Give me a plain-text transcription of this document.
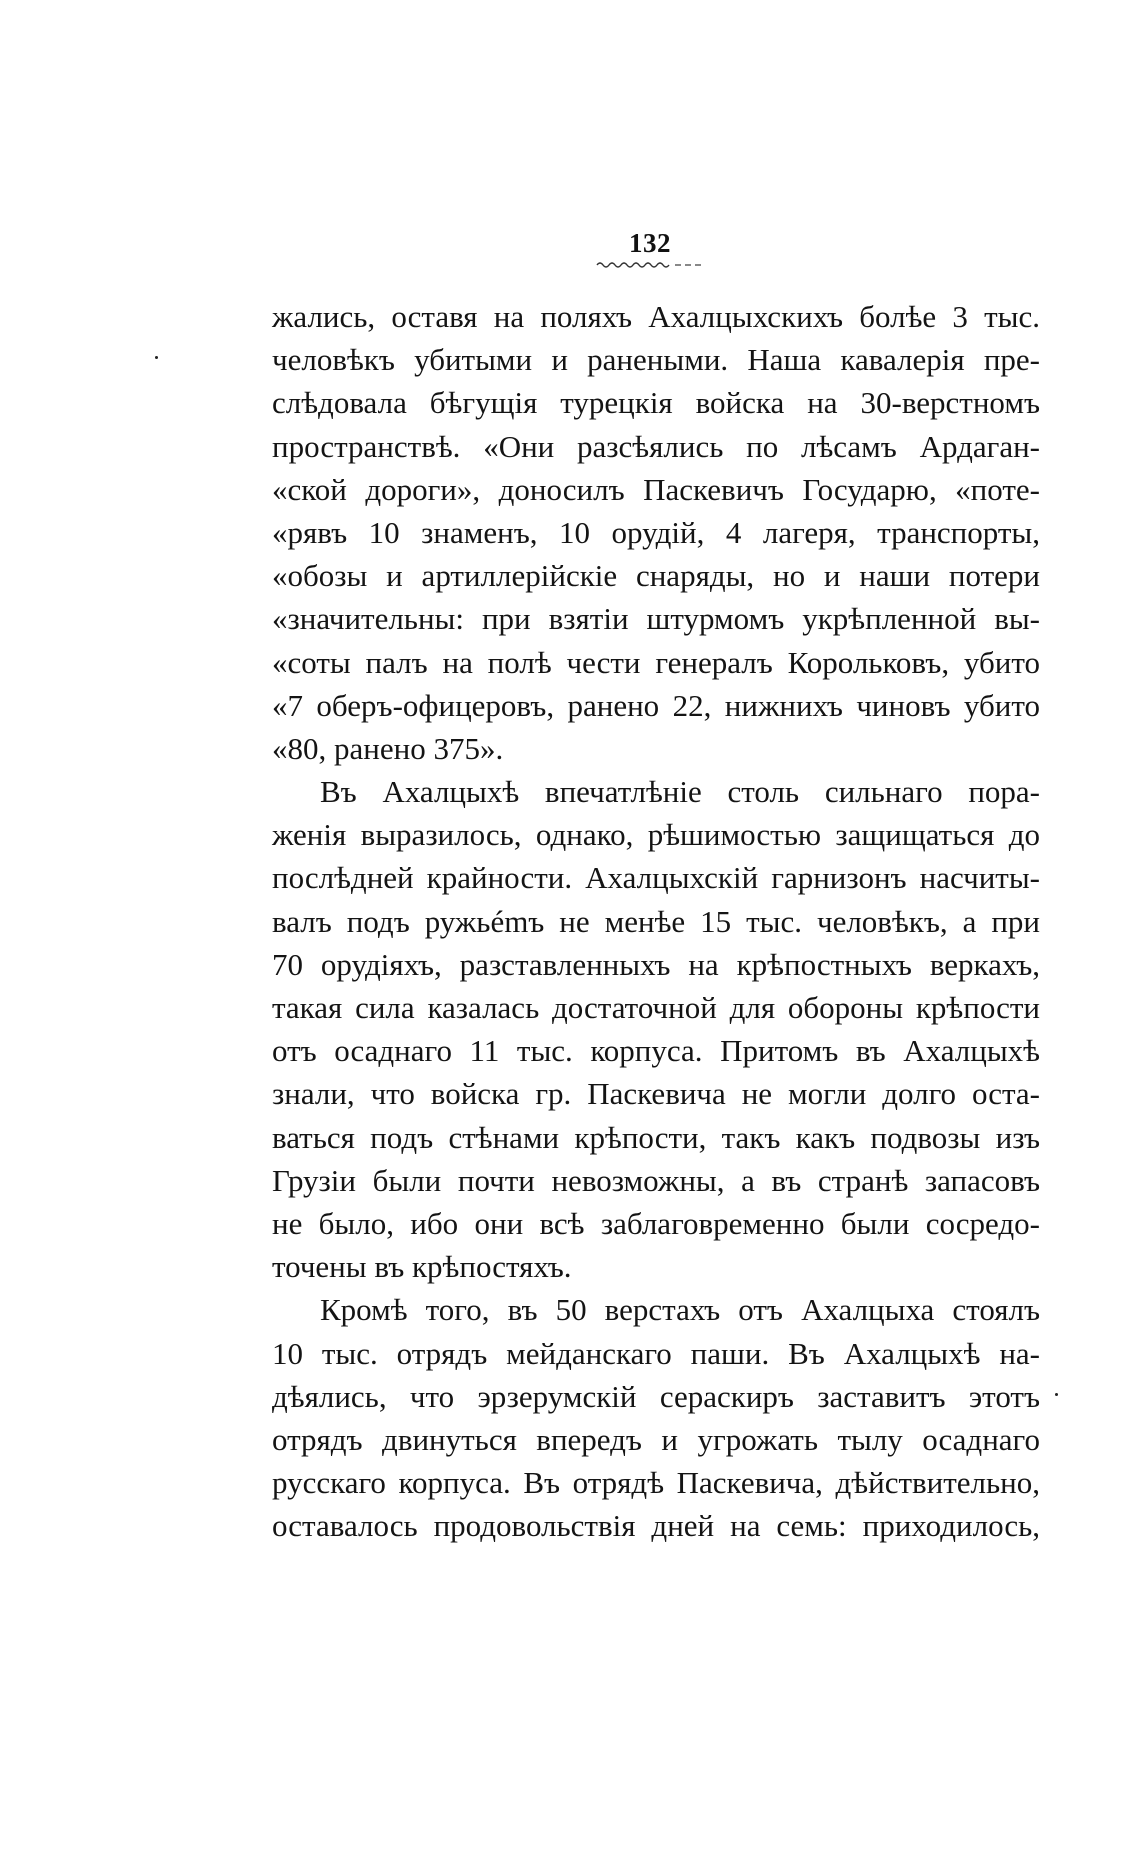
132
жались, оставя на поляхъ Ахалцыхскихъ болѣе 3 тыс.
человѣкъ убитыми и ранеными. Наша кавалерія пре-
слѣдовала бѣгущія турецкія войска на 30-верстномъ
пространствѣ. «Они разсѣялись по лѣсамъ Ардаган-
«ской дороги», доносилъ Паскевичъ Государю, «поте-
«рявъ 10 знаменъ, 10 орудій, 4 лагеря, транспорты,
«обозы и артиллерійскіе снаряды, но и наши потери
«значительны: при взятіи штурмомъ укрѣпленной вы-
«соты палъ на полѣ чести генералъ Корольковъ, убито
«7 оберъ-офицеровъ, ранено 22, нижнихъ чиновъ убито
«80, ранено 375».
Въ Ахалцыхѣ впечатлѣніе столь сильнаго пора-
женія выразилось, однако, рѣшимостью защищаться до
послѣдней крайности. Ахалцыхскій гарнизонъ насчиты-
валъ подъ ружьémъ не менѣе 15 тыс. человѣкъ, а при
70 орудіяхъ, разставленныхъ на крѣпостныхъ веркахъ,
такая сила казалась достаточной для обороны крѣпости
отъ осаднаго 11 тыс. корпуса. Притомъ въ Ахалцыхѣ
знали, что войска гр. Паскевича не могли долго оста-
ваться подъ стѣнами крѣпости, такъ какъ подвозы изъ
Грузіи были почти невозможны, а въ странѣ запасовъ
не было, ибо они всѣ заблаговременно были сосредо-
точены въ крѣпостяхъ.
Кромѣ того, въ 50 верстахъ отъ Ахалцыха стоялъ
10 тыс. отрядъ мейданскаго паши. Въ Ахалцыхѣ на-
дѣялись, что эрзерумскій сераскиръ заставитъ этотъ
отрядъ двинуться впередъ и угрожать тылу осаднаго
русскаго корпуса. Въ отрядѣ Паскевича, дѣйствительно,
оставалось продовольствія дней на семь: приходилось,
